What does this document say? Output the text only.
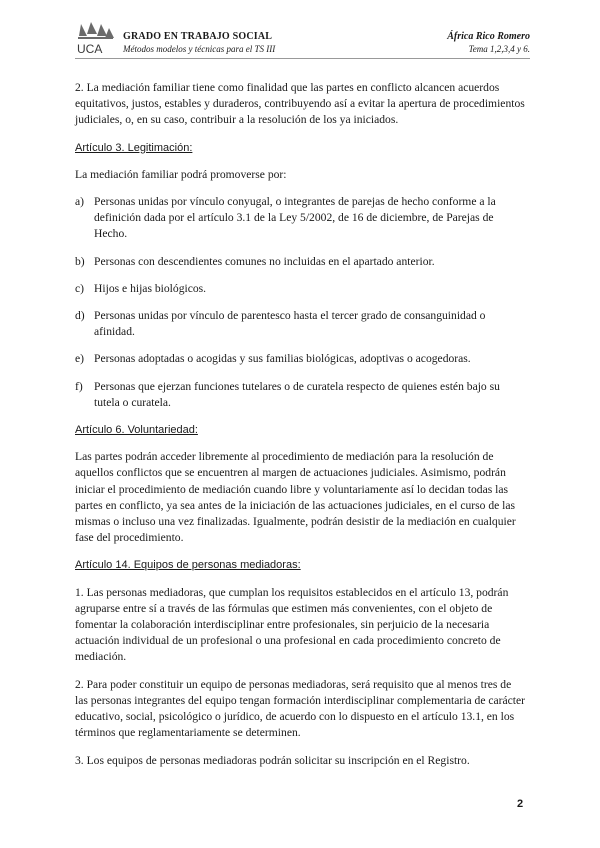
UCA
GRADO EN TRABAJO SOCIAL
Métodos modelos y técnicas para el TS III
África Rico Romero
Tema 1,2,3,4 y 6.

2. La mediación familiar tiene como finalidad que las partes en conflicto alcancen acuerdos equitativos, justos, estables y duraderos, contribuyendo así a evitar la apertura de procedimientos judiciales, o, en su caso, contribuir a la resolución de los ya iniciados.

Artículo 3. Legitimación:

La mediación familiar podrá promoverse por:

a) Personas unidas por vínculo conyugal, o integrantes de parejas de hecho conforme a la definición dada por el artículo 3.1 de la Ley 5/2002, de 16 de diciembre, de Parejas de Hecho.
b) Personas con descendientes comunes no incluidas en el apartado anterior.
c) Hijos e hijas biológicos.
d) Personas unidas por vínculo de parentesco hasta el tercer grado de consanguinidad o afinidad.
e) Personas adoptadas o acogidas y sus familias biológicas, adoptivas o acogedoras.
f) Personas que ejerzan funciones tutelares o de curatela respecto de quienes estén bajo su tutela o curatela.

Artículo 6. Voluntariedad:

Las partes podrán acceder libremente al procedimiento de mediación para la resolución de aquellos conflictos que se encuentren al margen de actuaciones judiciales. Asimismo, podrán iniciar el procedimiento de mediación cuando libre y voluntariamente así lo decidan todas las partes en conflicto, ya sea antes de la iniciación de las actuaciones judiciales, en el curso de las mismas o incluso una vez finalizadas. Igualmente, podrán desistir de la mediación en cualquier fase del procedimiento.

Artículo 14. Equipos de personas mediadoras:

1. Las personas mediadoras, que cumplan los requisitos establecidos en el artículo 13, podrán agruparse entre sí a través de las fórmulas que estimen más convenientes, con el objeto de fomentar la colaboración interdisciplinar entre profesionales, sin perjuicio de la necesaria actuación individual de un profesional o una profesional en cada procedimiento concreto de mediación.

2. Para poder constituir un equipo de personas mediadoras, será requisito que al menos tres de las personas integrantes del equipo tengan formación interdisciplinar complementaria de carácter educativo, social, psicológico o jurídico, de acuerdo con lo dispuesto en el artículo 13.1, en los términos que reglamentariamente se determinen.

3. Los equipos de personas mediadoras podrán solicitar su inscripción en el Registro.

2
